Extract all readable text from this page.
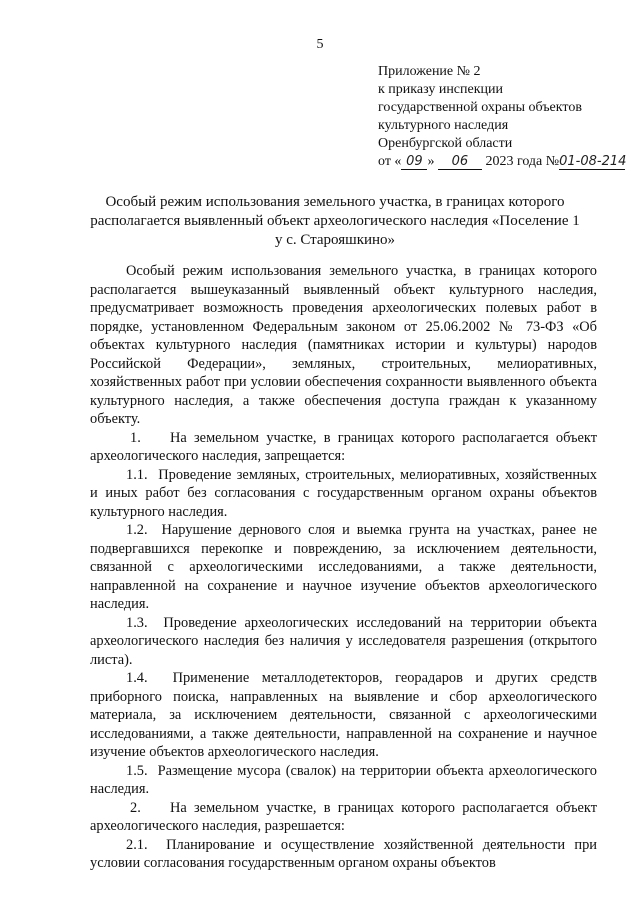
5
Приложение № 2
к приказу инспекции
государственной охраны объектов
культурного наследия
Оренбургской области
от « 09 » 06 2023 года №01-08-214
Особый режим использования земельного участка, в границах которого
располагается выявленный объект археологического наследия «Поселение 1
у с. Старояшкино»

Особый режим использования земельного участка, в границах которого располагается вышеуказанный выявленный объект культурного наследия, предусматривает возможность проведения археологических полевых работ в порядке, установленном Федеральным законом от 25.06.2002 № 73-ФЗ «Об объектах культурного наследия (памятниках истории и культуры) народов Российской Федерации», земляных, строительных, мелиоративных, хозяйственных работ при условии обеспечения сохранности выявленного объекта культурного наследия, а также обеспечения доступа граждан к указанному объекту.

1. На земельном участке, в границах которого располагается объект археологического наследия, запрещается:

1.1. Проведение земляных, строительных, мелиоративных, хозяйственных и иных работ без согласования с государственным органом охраны объектов культурного наследия.

1.2. Нарушение дернового слоя и выемка грунта на участках, ранее не подвергавшихся перекопке и повреждению, за исключением деятельности, связанной с археологическими исследованиями, а также деятельности, направленной на сохранение и научное изучение объектов археологического наследия.

1.3. Проведение археологических исследований на территории объекта археологического наследия без наличия у исследователя разрешения (открытого листа).

1.4. Применение металлодетекторов, георадаров и других средств приборного поиска, направленных на выявление и сбор археологического материала, за исключением деятельности, связанной с археологическими исследованиями, а также деятельности, направленной на сохранение и научное изучение объектов археологического наследия.

1.5. Размещение мусора (свалок) на территории объекта археологического наследия.

2. На земельном участке, в границах которого располагается объект археологического наследия, разрешается:

2.1. Планирование и осуществление хозяйственной деятельности при условии согласования государственным органом охраны объектов
